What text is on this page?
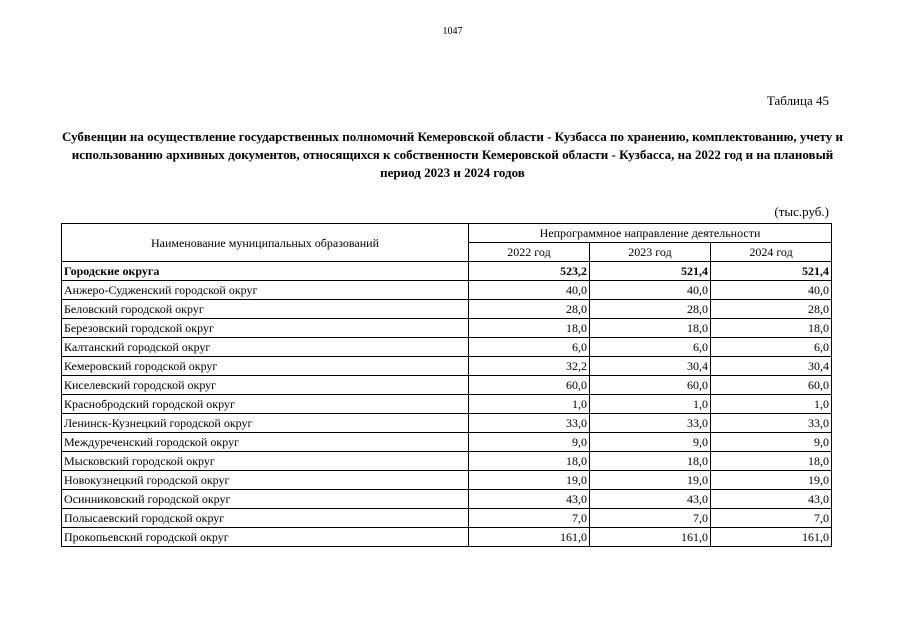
1047
Таблица 45
Субвенции на осуществление государственных полномочий Кемеровской области - Кузбасса по хранению, комплектованию, учету и использованию архивных документов, относящихся к собственности Кемеровской области - Кузбасса, на 2022 год и на плановый период 2023 и 2024 годов
(тыс.руб.)
Наименование муниципальных образований	Непрограммное направление деятельности		
	2022 год	2023 год	2024 год
Городские округа	523,2	521,4	521,4
Анжеро-Судженский городской округ	40,0	40,0	40,0
Беловский городской округ	28,0	28,0	28,0
Березовский городской округ	18,0	18,0	18,0
Калтанский городской округ	6,0	6,0	6,0
Кемеровский городской округ	32,2	30,4	30,4
Киселевский городской округ	60,0	60,0	60,0
Краснобродский городской округ	1,0	1,0	1,0
Ленинск-Кузнецкий городской округ	33,0	33,0	33,0
Междуреченский городской округ	9,0	9,0	9,0
Мысковский городской округ	18,0	18,0	18,0
Новокузнецкий городской округ	19,0	19,0	19,0
Осинниковский городской округ	43,0	43,0	43,0
Полысаевский городской округ	7,0	7,0	7,0
Прокопьевский городской округ	161,0	161,0	161,0
